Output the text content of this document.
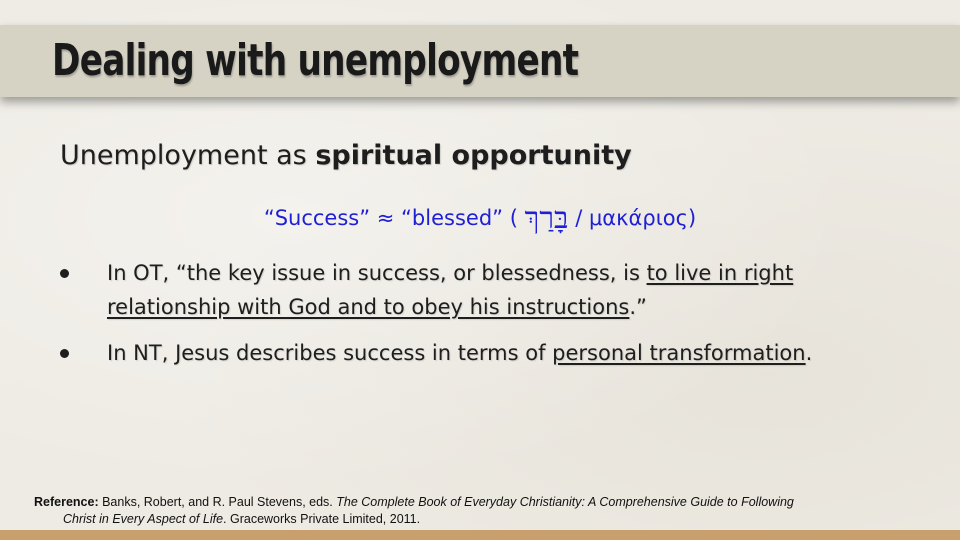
Dealing with unemployment

Unemployment as spiritual opportunity

“Success” ≈ “blessed” ( בָּרַךְ / μακάριος)
In OT, “the key issue in success, or blessedness, is to live in right relationship with God and to obey his instructions.”
In NT, Jesus describes success in terms of personal transformation.

Reference: Banks, Robert, and R. Paul Stevens, eds. The Complete Book of Everyday Christianity: A Comprehensive Guide to Following
Christ in Every Aspect of Life. Graceworks Private Limited, 2011.
